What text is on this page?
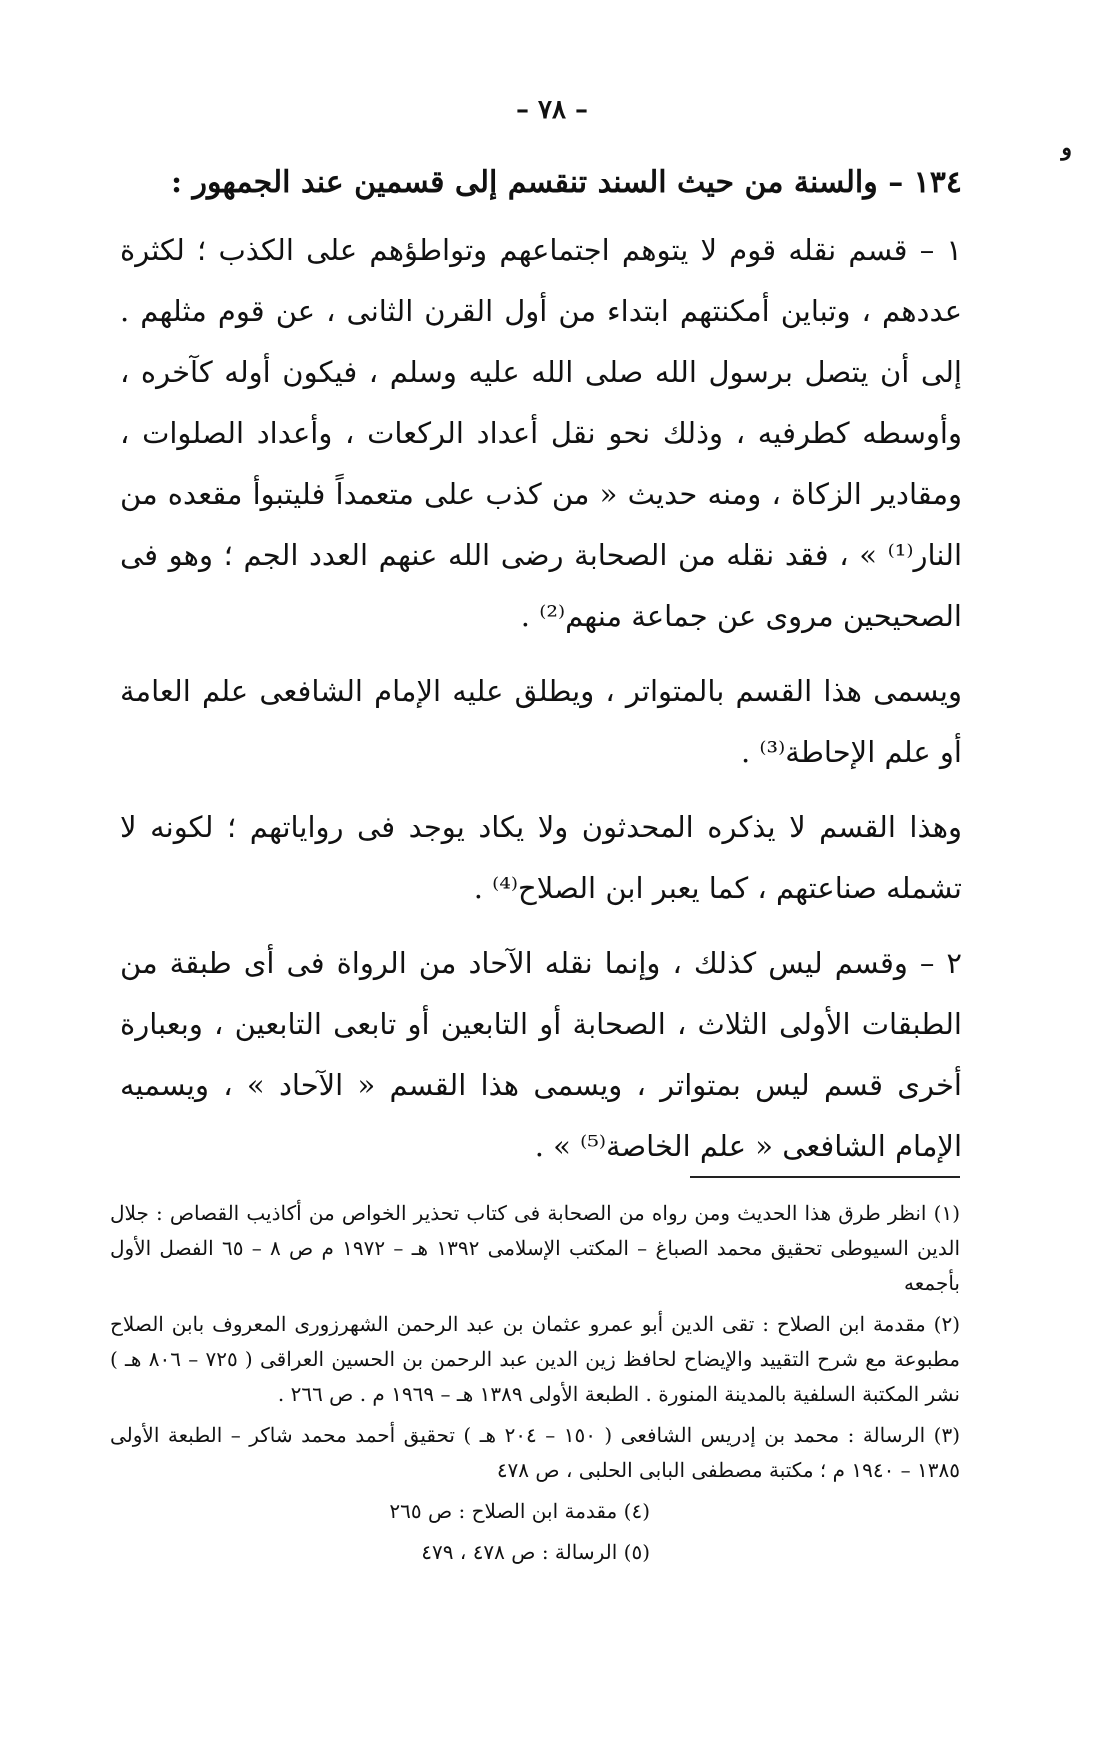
– ٧٨ –
و

١٣٤ – والسنة من حيث السند تنقسم إلى قسمين عند الجمهور :

١ – قسم نقله قوم لا يتوهم اجتماعهم وتواطؤهم على الكذب ؛ لكثرة عددهم ، وتباين أمكنتهم ابتداء من أول القرن الثانى ، عن قوم مثلهم . إلى أن يتصل برسول الله صلى الله عليه وسلم ، فيكون أوله كآخره ، وأوسطه كطرفيه ، وذلك نحو نقل أعداد الركعات ، وأعداد الصلوات ، ومقادير الزكاة ، ومنه حديث « من كذب على متعمداً فليتبوأ مقعده من النار⁽¹⁾ » ، فقد نقله من الصحابة رضى الله عنهم العدد الجم ؛ وهو فى الصحيحين مروى عن جماعة منهم⁽²⁾ .

ويسمى هذا القسم بالمتواتر ، ويطلق عليه الإمام الشافعى علم العامة أو علم الإحاطة⁽³⁾ .

وهذا القسم لا يذكره المحدثون ولا يكاد يوجد فى رواياتهم ؛ لكونه لا تشمله صناعتهم ، كما يعبر ابن الصلاح⁽⁴⁾ .

٢ – وقسم ليس كذلك ، وإنما نقله الآحاد من الرواة فى أى طبقة من الطبقات الأولى الثلاث ، الصحابة أو التابعين أو تابعى التابعين ، وبعبارة أخرى قسم ليس بمتواتر ، ويسمى هذا القسم « الآحاد » ، ويسميه الإمام الشافعى « علم الخاصة⁽⁵⁾ » .

(١) انظر طرق هذا الحديث ومن رواه من الصحابة فى كتاب تحذير الخواص من أكاذيب القصاص : جلال الدين السيوطى تحقيق محمد الصباغ – المكتب الإسلامى ١٣٩٢ هـ – ١٩٧٢ م ص ٨ – ٦٥ الفصل الأول بأجمعه

(٢) مقدمة ابن الصلاح : تقى الدين أبو عمرو عثمان بن عبد الرحمن الشهرزورى المعروف بابن الصلاح مطبوعة مع شرح التقييد والإيضاح لحافظ زين الدين عبد الرحمن بن الحسين العراقى ( ٧٢٥ – ٨٠٦ هـ ) نشر المكتبة السلفية بالمدينة المنورة . الطبعة الأولى ١٣٨٩ هـ – ١٩٦٩ م . ص ٢٦٦ .

(٣) الرسالة : محمد بن إدريس الشافعى ( ١٥٠ – ٢٠٤ هـ ) تحقيق أحمد محمد شاكر – الطبعة الأولى ١٣٨٥ – ١٩٤٠ م ؛ مكتبة مصطفى البابى الحلبى ، ص ٤٧٨

(٤) مقدمة ابن الصلاح : ص ٢٦٥

(٥) الرسالة : ص ٤٧٨ ، ٤٧٩
